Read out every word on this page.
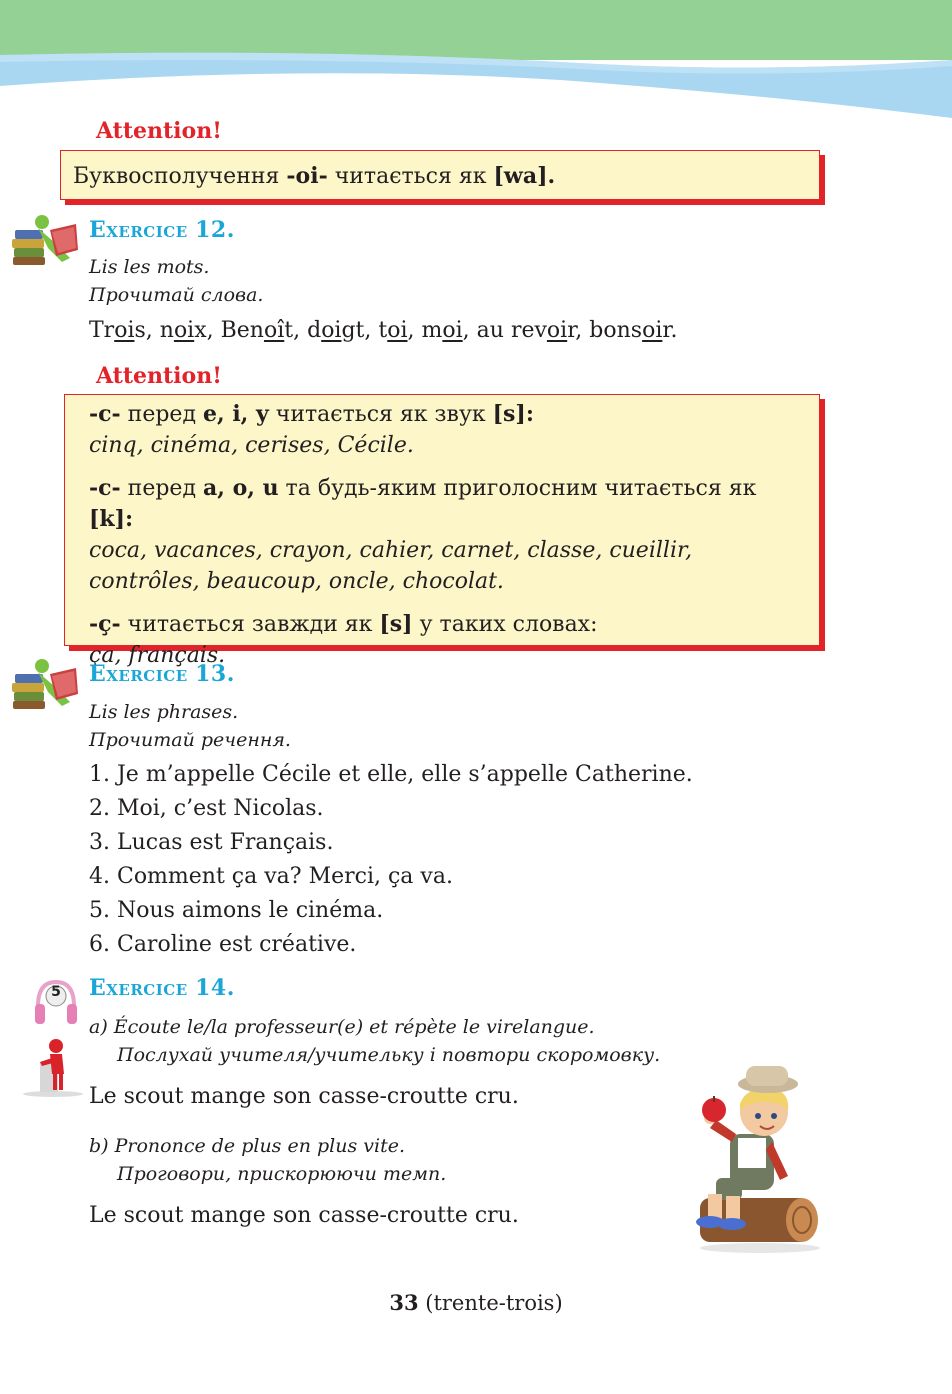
Attention!
Буквосполучення -oi- читається як [wa].
Exercice 12.
Lis les mots.
Прочитай слова.
Trois, noix, Benoît, doigt, toi, moi, au revoir, bonsoir.
Attention!

-c- перед e, i, y читається як звук [s]:

cinq, cinéma, cerises, Cécile.

-c- перед a, o, u та будь-яким приголосним читається як [k]:

coca, vacances, crayon, cahier, carnet, classe, cueillir, contrôles, beaucoup, oncle, chocolat.

-ç- читається завжди як [s] у таких словах:

ça, français.

Exercice 13.
Lis les phrases.
Прочитай речення.
1. Je m’appelle Cécile et elle, elle s’appelle Catherine.
2. Moi, c’est Nicolas.
3. Lucas est Français.
4. Comment ça va? Merci, ça va.
5. Nous aimons le cinéma.
6. Caroline est créative.
5 Exercice 14.
a) Écoute le/la professeur(e) et répète le virelangue.
Послухай учителя/учительку і повтори скоромовку.
Le scout mange son casse-croutte cru.
b) Prononce de plus en plus vite.
Проговори, прискорюючи темп.
Le scout mange son casse-croutte cru.
33 (trente-trois)
